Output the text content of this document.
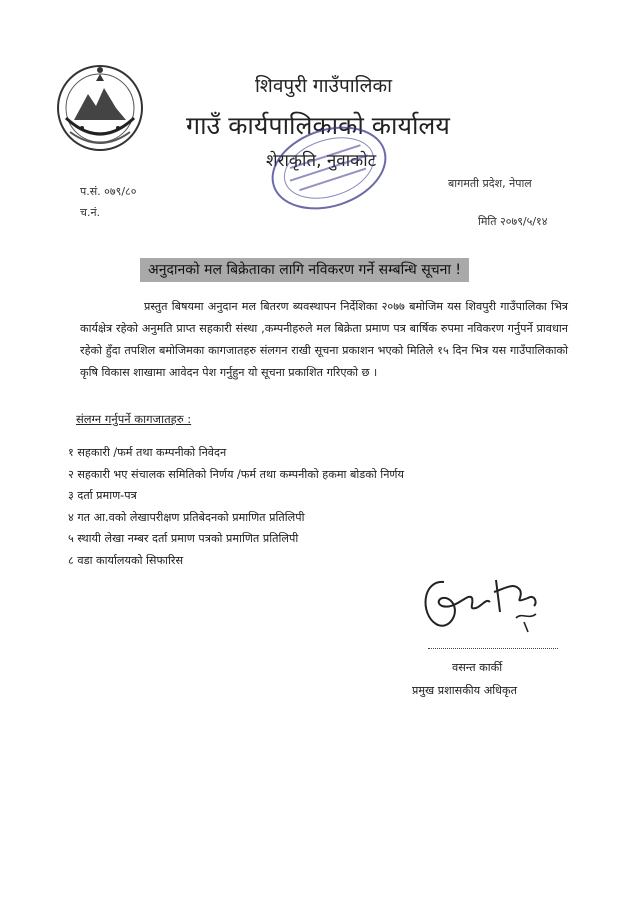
शिवपुरी गाउँपालिका
गाउँ कार्यपालिकाको कार्यालय
शेराकृति, नुवाकोट
प.सं. ०७९/८०
च.नं.
बागमती प्रदेश, नेपाल
मिति २०७९/५/१४
अनुदानको मल बिक्रेताका लागि नविकरण गर्ने सम्बन्धि सूचना !
प्रस्तुत बिषयमा अनुदान मल बितरण ब्यवस्थापन निर्देशिका २०७७ बमोजिम यस शिवपुरी गाउँपालिका भित्र कार्यक्षेत्र रहेको अनुमति प्राप्त सहकारी संस्था ,कम्पनीहरुले मल बिक्रेता प्रमाण पत्र बार्षिक रुपमा नविकरण गर्नुपर्ने प्रावधान रहेको हुँदा तपशिल बमोजिमका कागजातहरु संलगन राखी सूचना प्रकाशन भएको मितिले १५ दिन भित्र यस गाउँपालिकाको कृषि विकास शाखामा आवेदन पेश गर्नुहुन यो सूचना प्रकाशित गरिएको छ ।
संलग्न गर्नुपर्ने कागजातहरु :
१ सहकारी /फर्म तथा कम्पनीको निवेदन
२ सहकारी भए संचालक समितिको निर्णय /फर्म तथा कम्पनीको हकमा बोडको निर्णय
३ दर्ता प्रमाण-पत्र
४ गत आ.वको लेखापरीक्षण प्रतिबेदनको प्रमाणित प्रतिलिपी
५ स्थायी लेखा नम्बर दर्ता प्रमाण पत्रको प्रमाणित प्रतिलिपी
८ वडा कार्यालयको सिफारिस
वसन्त कार्की
प्रमुख प्रशासकीय अधिकृत
